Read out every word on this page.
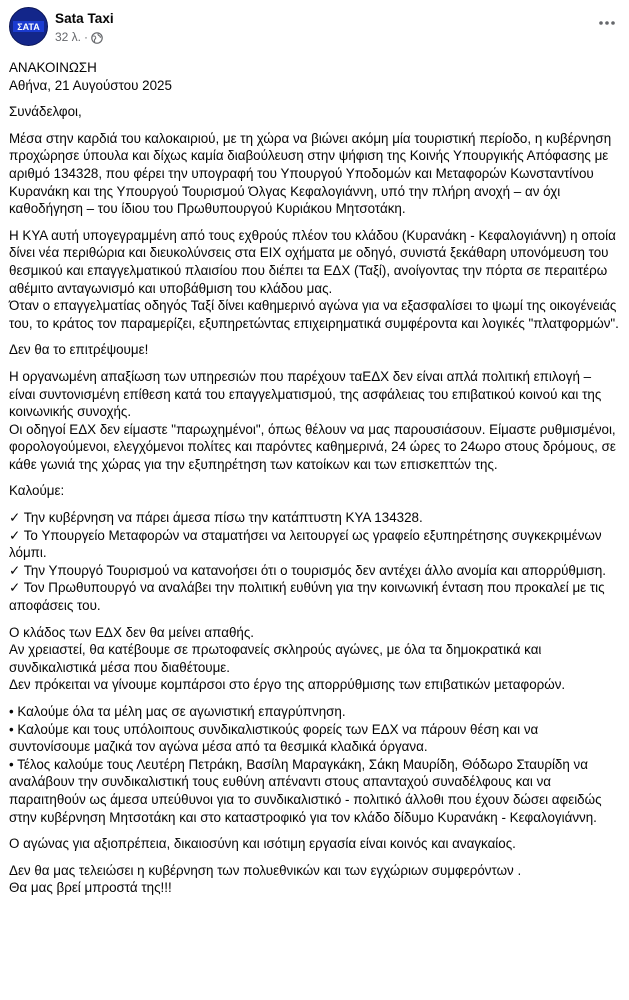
ΣΑΤΑ
Sata Taxi
32 λ. ·

ΑΝΑΚΟΙΝΩΣΗ
Αθήνα, 21 Αυγούστου 2025

Συνάδελφοι,

Μέσα στην καρδιά του καλοκαιριού, με τη χώρα να βιώνει ακόμη μία τουριστική περίοδο, η κυβέρνηση προχώρησε ύπουλα και δίχως καμία διαβούλευση στην ψήφιση της Κοινής Υπουργικής Απόφασης με αριθμό 134328, που φέρει την υπογραφή του Υπουργού Υποδομών και Μεταφορών Κωνσταντίνου Κυρανάκη και της Υπουργού Τουρισμού Όλγας Κεφαλογιάννη, υπό την πλήρη ανοχή – αν όχι καθοδήγηση – του ίδιου του Πρωθυπουργού Κυριάκου Μητσοτάκη.

Η ΚΥΑ αυτή υπογεγραμμένη από τους εχθρούς πλέον του κλάδου (Κυρανάκη - Κεφαλογιάννη) η οποία δίνει νέα περιθώρια και διευκολύνσεις στα ΕΙΧ οχήματα με οδηγό, συνιστά ξεκάθαρη υπονόμευση του θεσμικού και επαγγελματικού πλαισίου που διέπει τα ΕΔΧ (Ταξί), ανοίγοντας την πόρτα σε περαιτέρω αθέμιτο ανταγωνισμό και υποβάθμιση του κλάδου μας.
Όταν ο επαγγελματίας οδηγός Ταξί δίνει καθημερινό αγώνα για να εξασφαλίσει το ψωμί της οικογένειάς του, το κράτος τον παραμερίζει, εξυπηρετώντας επιχειρηματικά συμφέροντα και λογικές "πλατφορμών".

Δεν θα το επιτρέψουμε!

Η οργανωμένη απαξίωση των υπηρεσιών που παρέχουν ταΕΔΧ δεν είναι απλά πολιτική επιλογή – είναι συντονισμένη επίθεση κατά του επαγγελματισμού, της ασφάλειας του επιβατικού κοινού και της κοινωνικής συνοχής.
Οι οδηγοί ΕΔΧ δεν είμαστε "παρωχημένοι", όπως θέλουν να μας παρουσιάσουν. Είμαστε ρυθμισμένοι, φορολογούμενοι, ελεγχόμενοι πολίτες και παρόντες καθημερινά, 24 ώρες το 24ωρο στους δρόμους, σε κάθε γωνιά της χώρας για την εξυπηρέτηση των κατοίκων και των επισκεπτών της.

Καλούμε:

✓ Την κυβέρνηση να πάρει άμεσα πίσω την κατάπτυστη ΚΥΑ 134328.
✓ Το Υπουργείο Μεταφορών να σταματήσει να λειτουργεί ως γραφείο εξυπηρέτησης συγκεκριμένων λόμπι.
✓ Την Υπουργό Τουρισμού να κατανοήσει ότι ο τουρισμός δεν αντέχει άλλο ανομία και απορρύθμιση.
✓ Τον Πρωθυπουργό να αναλάβει την πολιτική ευθύνη για την κοινωνική ένταση που προκαλεί με τις αποφάσεις του.

Ο κλάδος των ΕΔΧ δεν θα μείνει απαθής.
Αν χρειαστεί, θα κατέβουμε σε πρωτοφανείς σκληρούς αγώνες, με όλα τα δημοκρατικά και συνδικαλιστικά μέσα που διαθέτουμε.
Δεν πρόκειται να γίνουμε κομπάρσοι στο έργο της απορρύθμισης των επιβατικών μεταφορών.

• Καλούμε όλα τα μέλη μας σε αγωνιστική επαγρύπνηση.
• Καλούμε και τους υπόλοιπους συνδικαλιστικούς φορείς των ΕΔΧ να πάρουν θέση και να συντονίσουμε μαζικά τον αγώνα μέσα από τα θεσμικά κλαδικά όργανα.
• Τέλος καλούμε τους Λευτέρη Πετράκη, Βασίλη Μαραγκάκη, Σάκη Μαυρίδη, Θόδωρο Σταυρίδη να αναλάβουν την συνδικαλιστική τους ευθύνη απέναντι στους απανταχού συναδέλφους και να παραιτηθούν ως άμεσα υπεύθυνοι για το συνδικαλιστικό - πολιτικό άλλοθι που έχουν δώσει αφειδώς στην κυβέρνηση Μητσοτάκη και στο καταστροφικό για τον κλάδο δίδυμο Κυρανάκη - Κεφαλογιάννη.

Ο αγώνας για αξιοπρέπεια, δικαιοσύνη και ισότιμη εργασία είναι κοινός και αναγκαίος.

Δεν θα μας τελειώσει η κυβέρνηση των πολυεθνικών και των εγχώριων συμφερόντων .
Θα μας βρεί μπροστά της!!!
